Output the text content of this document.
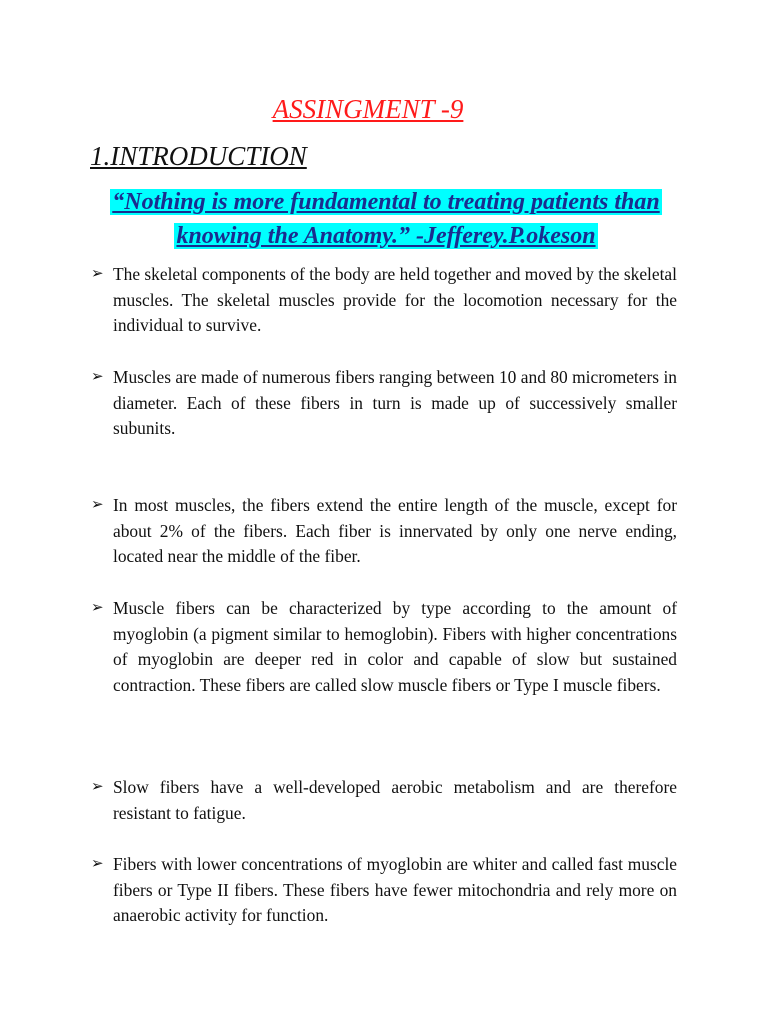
ASSINGMENT -9
1.INTRODUCTION
“Nothing is more fundamental to treating patients than
knowing the Anatomy.” -Jefferey.P.okeson
➢ The skeletal components of the body are held together and moved by the skeletal muscles. The skeletal muscles provide for the locomotion necessary for the individual to survive.
➢ Muscles are made of numerous fibers ranging between 10 and 80 micrometers in diameter. Each of these fibers in turn is made up of successively smaller subunits.
➢ In most muscles, the fibers extend the entire length of the muscle, except for about 2% of the fibers. Each fiber is innervated by only one nerve ending, located near the middle of the fiber.
➢ Muscle fibers can be characterized by type according to the amount of myoglobin (a pigment similar to hemoglobin). Fibers with higher concentrations of myoglobin are deeper red in color and capable of slow but sustained contraction. These fibers are called slow muscle fibers or Type I muscle fibers.
➢ Slow fibers have a well-developed aerobic metabolism and are therefore resistant to fatigue.
➢ Fibers with lower concentrations of myoglobin are whiter and called fast muscle fibers or Type II fibers. These fibers have fewer mitochondria and rely more on anaerobic activity for function.
